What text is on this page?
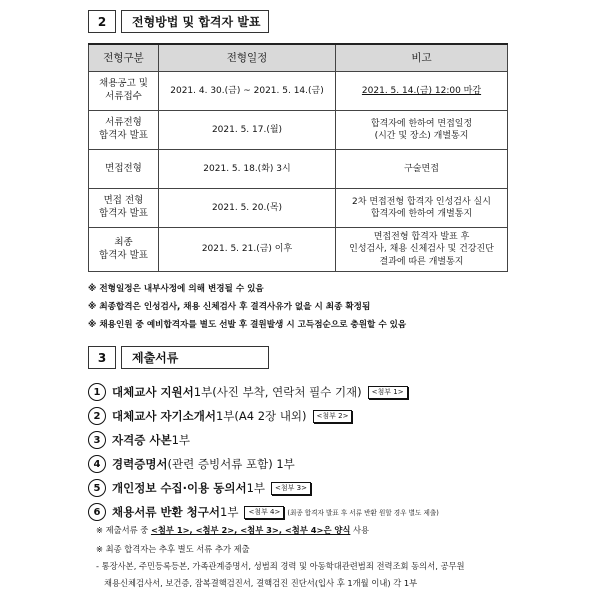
2	전형방법 및 합격자 발표
전형구분	전형일정	비고
채용공고 및
서류접수	2021. 4. 30.(금) ~ 2021. 5. 14.(금)	2021. 5. 14.(금) 12:00 마감
서류전형
합격자 발표	2021. 5. 17.(월)	합격자에 한하여 면접일정
(시간 및 장소) 개별통지
면접전형	2021. 5. 18.(화) 3시	구술면접
면접 전형
합격자 발표	2021. 5. 20.(목)	2차 면접전형 합격자 인성검사 실시
합격자에 한하여 개별통지
최종
합격자 발표	2021. 5. 21.(금) 이후	면접전형 합격자 발표 후
인성검사, 채용 신체검사 및 건강진단
결과에 따른 개별통지
※ 전형일정은 내부사정에 의해 변경될 수 있음
※ 최종합격은 인성검사, 채용 신체검사 후 결격사유가 없을 시 최종 확정됨
※ 채용인원 중 예비합격자를 별도 선발 후 결원발생 시 고득점순으로 충원할 수 있음
3	제출서류
1	대체교사 지원서 1부(사진 부착, 연락처 필수 기재)	<첨부 1>
2	대체교사 자기소개서 1부(A4 2장 내외)	<첨부 2>
3	자격증 사본 1부
4	경력증명서 (관련 증빙서류 포함) 1부
5	개인정보 수집·이용 동의서 1부	<첨부 3>
6	채용서류 반환 청구서 1부	<첨부 4>	(최종 합격자 발표 후 서류 반환 원할 경우 별도 제출)
※ 제출서류 중 <첨부 1>, <첨부 2>, <첨부 3>, <첨부 4>은 양식 사용
※ 최종 합격자는 추후 별도 서류 추가 제출
- 통장사본, 주민등록등본, 가족관계증명서, 성범죄 경력 및 아동학대관련범죄 전력조회 동의서, 공무원
채용신체검사서, 보건증, 잠복결핵검진서, 결핵검진 진단서(입사 후 1개월 이내) 각 1부
